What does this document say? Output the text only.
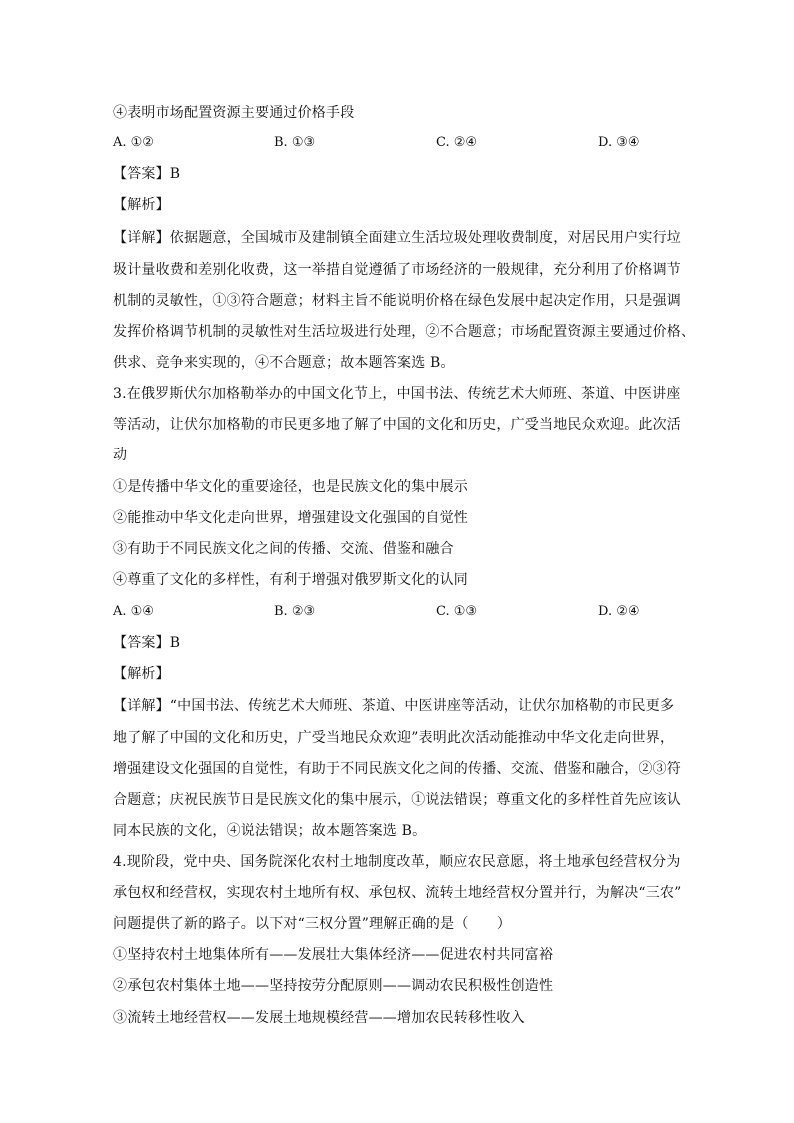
④表明市场配置资源主要通过价格手段
A. ①②	B. ①③	C. ②④	D. ③④
【答案】B
【解析】
【详解】依据题意，全国城市及建制镇全面建立生活垃圾处理收费制度，对居民用户实行垃
圾计量收费和差别化收费，这一举措自觉遵循了市场经济的一般规律，充分利用了价格调节
机制的灵敏性，①③符合题意；材料主旨不能说明价格在绿色发展中起决定作用，只是强调
发挥价格调节机制的灵敏性对生活垃圾进行处理，②不合题意；市场配置资源主要通过价格、
供求、竞争来实现的，④不合题意；故本题答案选 B。
3.在俄罗斯伏尔加格勒举办的中国文化节上，中国书法、传统艺术大师班、茶道、中医讲座
等活动，让伏尔加格勒的市民更多地了解了中国的文化和历史，广受当地民众欢迎。此次活
动
①是传播中华文化的重要途径，也是民族文化的集中展示
②能推动中华文化走向世界，增强建设文化强国的自觉性
③有助于不同民族文化之间的传播、交流、借鉴和融合
④尊重了文化的多样性，有利于增强对俄罗斯文化的认同
A. ①④	B. ②③	C. ①③	D. ②④
【答案】B
【解析】
【详解】“中国书法、传统艺术大师班、茶道、中医讲座等活动，让伏尔加格勒的市民更多
地了解了中国的文化和历史，广受当地民众欢迎”表明此次活动能推动中华文化走向世界，
增强建设文化强国的自觉性，有助于不同民族文化之间的传播、交流、借鉴和融合，②③符
合题意；庆祝民族节日是民族文化的集中展示，①说法错误；尊重文化的多样性首先应该认
同本民族的文化，④说法错误；故本题答案选 B。
4.现阶段，党中央、国务院深化农村土地制度改革，顺应农民意愿，将土地承包经营权分为
承包权和经营权，实现农村土地所有权、承包权、流转土地经营权分置并行，为解决“三农”
问题提供了新的路子。以下对“三权分置”理解正确的是（　　）
①坚持农村土地集体所有——发展壮大集体经济——促进农村共同富裕
②承包农村集体土地——坚持按劳分配原则——调动农民积极性创造性
③流转土地经营权——发展土地规模经营——增加农民转移性收入
